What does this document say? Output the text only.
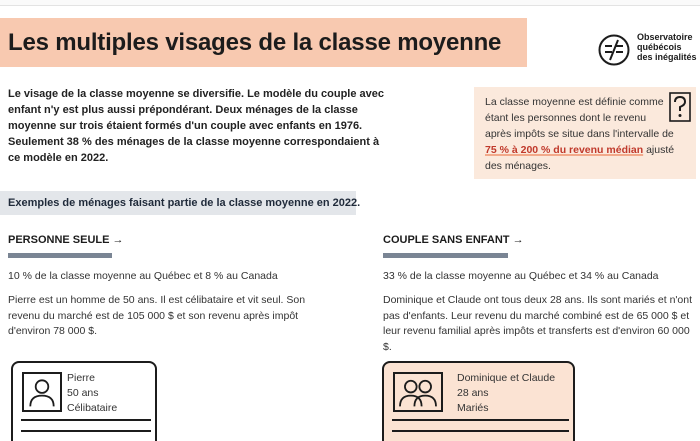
Les multiples visages de la classe moyenne	Observatoire
québécois
des inégalités

Le visage de la classe moyenne se diversifie. Le modèle du couple avec enfant n'y est plus aussi prépondérant. Deux ménages de la classe moyenne sur trois étaient formés d'un couple avec enfants en 1976. Seulement 38 % des ménages de la classe moyenne correspondaient à ce modèle en 2022.

La classe moyenne est définie comme étant les personnes dont le revenu après impôts se situe dans l'intervalle de 75 % à 200 % du revenu médian ajusté des ménages.

Exemples de ménages faisant partie de la classe moyenne en 2022.
PERSONNE SEULE →

10 % de la classe moyenne au Québec et 8 % au Canada

Pierre est un homme de 50 ans. Il est célibataire et vit seul. Son revenu du marché est de 105 000 $ et son revenu après impôt d'environ 78 000 $.

COUPLE SANS ENFANT →

33 % de la classe moyenne au Québec et 34 % au Canada

Dominique et Claude ont tous deux 28 ans. Ils sont mariés et n'ont pas d'enfants. Leur revenu du marché combiné est de 65 000 $ et leur revenu familial après impôts et transferts est d'environ 60 000 $.

Pierre
50 ans
Célibataire
Dominique et Claude
28 ans
Mariés
